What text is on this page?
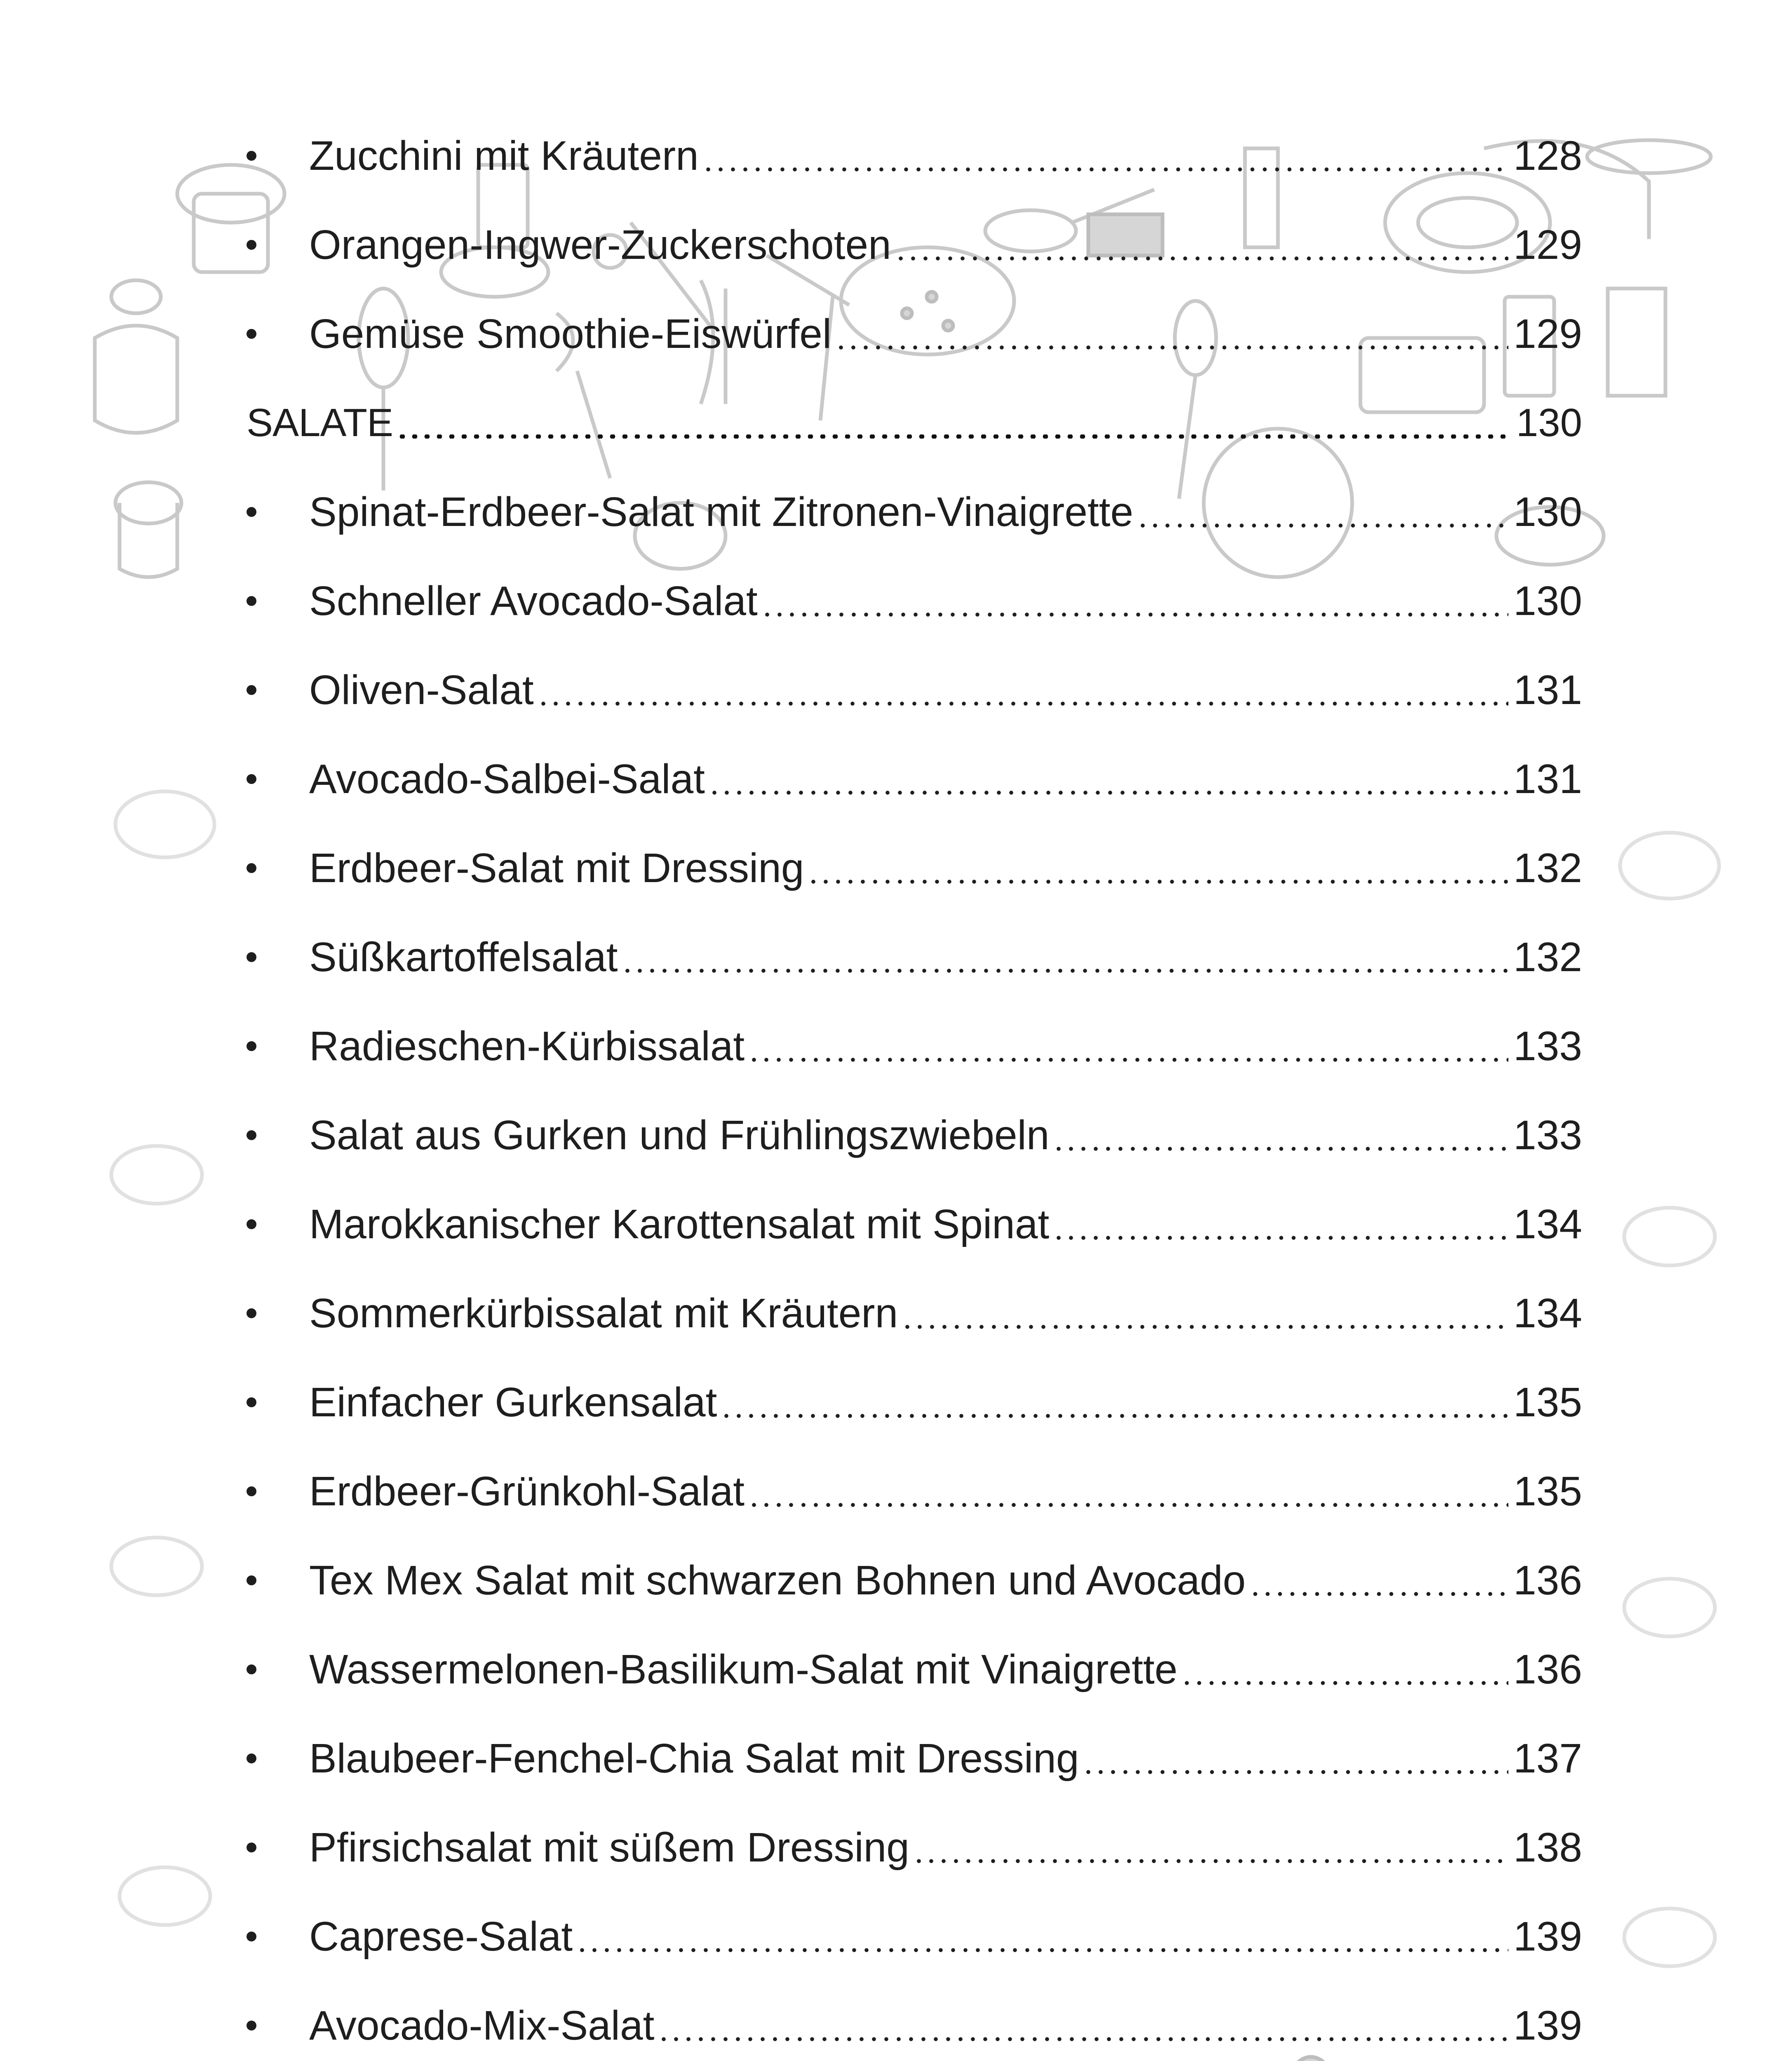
Zucchini mit Kräutern	128
Orangen-Ingwer-Zuckerschoten	129
Gemüse Smoothie-Eiswürfel	129
SALATE	130
Spinat-Erdbeer-Salat mit Zitronen-Vinaigrette	130
Schneller Avocado-Salat	130
Oliven-Salat	131
Avocado-Salbei-Salat	131
Erdbeer-Salat mit Dressing	132
Süßkartoffelsalat	132
Radieschen-Kürbissalat	133
Salat aus Gurken und Frühlingszwiebeln	133
Marokkanischer Karottensalat mit Spinat	134
Sommerkürbissalat mit Kräutern	134
Einfacher Gurkensalat	135
Erdbeer-Grünkohl-Salat	135
Tex Mex Salat mit schwarzen Bohnen und Avocado	136
Wassermelonen-Basilikum-Salat mit Vinaigrette	136
Blaubeer-Fenchel-Chia Salat mit Dressing	137
Pfirsichsalat mit süßem Dressing	138
Caprese-Salat	139
Avocado-Mix-Salat	139
